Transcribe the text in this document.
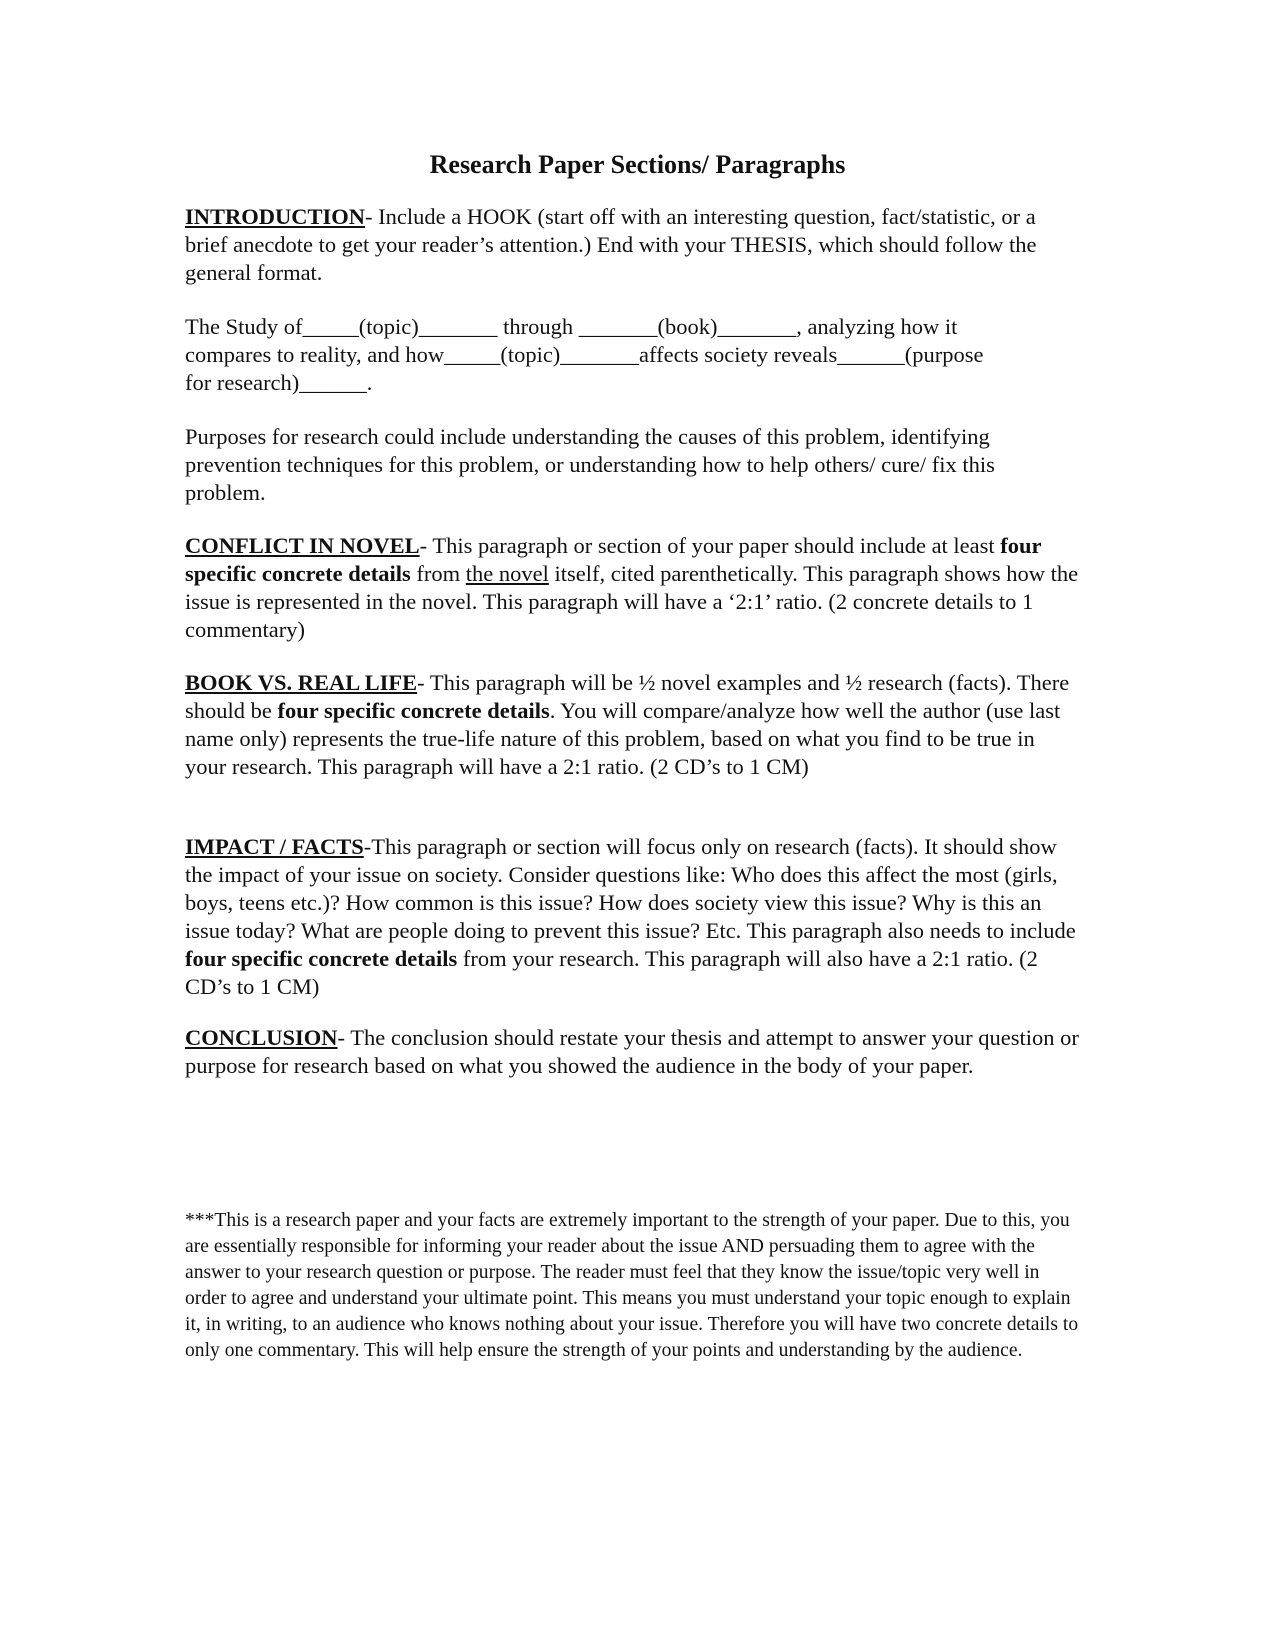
Research Paper Sections/ Paragraphs

INTRODUCTION- Include a HOOK (start off with an interesting question, fact/statistic, or a brief anecdote to get your reader’s attention.) End with your THESIS, which should follow the general format.

The Study of_____(topic)_______ through _______(book)_______, analyzing how it
compares to reality, and how_____(topic)_______affects society reveals______(purpose
for research)______.

Purposes for research could include understanding the causes of this problem, identifying prevention techniques for this problem, or understanding how to help others/ cure/ fix this problem.

CONFLICT IN NOVEL- This paragraph or section of your paper should include at least four specific concrete details from the novel itself, cited parenthetically. This paragraph shows how the issue is represented in the novel. This paragraph will have a ‘2:1’ ratio. (2 concrete details to 1 commentary)

BOOK VS. REAL LIFE- This paragraph will be ½ novel examples and ½ research (facts). There should be four specific concrete details. You will compare/analyze how well the author (use last name only) represents the true-life nature of this problem, based on what you find to be true in your research. This paragraph will have a 2:1 ratio. (2 CD’s to 1 CM)

IMPACT / FACTS-This paragraph or section will focus only on research (facts). It should show the impact of your issue on society. Consider questions like: Who does this affect the most (girls, boys, teens etc.)? How common is this issue? How does society view this issue? Why is this an issue today? What are people doing to prevent this issue? Etc. This paragraph also needs to include four specific concrete details from your research. This paragraph will also have a 2:1 ratio. (2 CD’s to 1 CM)

CONCLUSION- The conclusion should restate your thesis and attempt to answer your question or purpose for research based on what you showed the audience in the body of your paper.

***This is a research paper and your facts are extremely important to the strength of your paper. Due to this, you are essentially responsible for informing your reader about the issue AND persuading them to agree with the answer to your research question or purpose. The reader must feel that they know the issue/topic very well in order to agree and understand your ultimate point. This means you must understand your topic enough to explain it, in writing, to an audience who knows nothing about your issue. Therefore you will have two concrete details to only one commentary. This will help ensure the strength of your points and understanding by the audience.
